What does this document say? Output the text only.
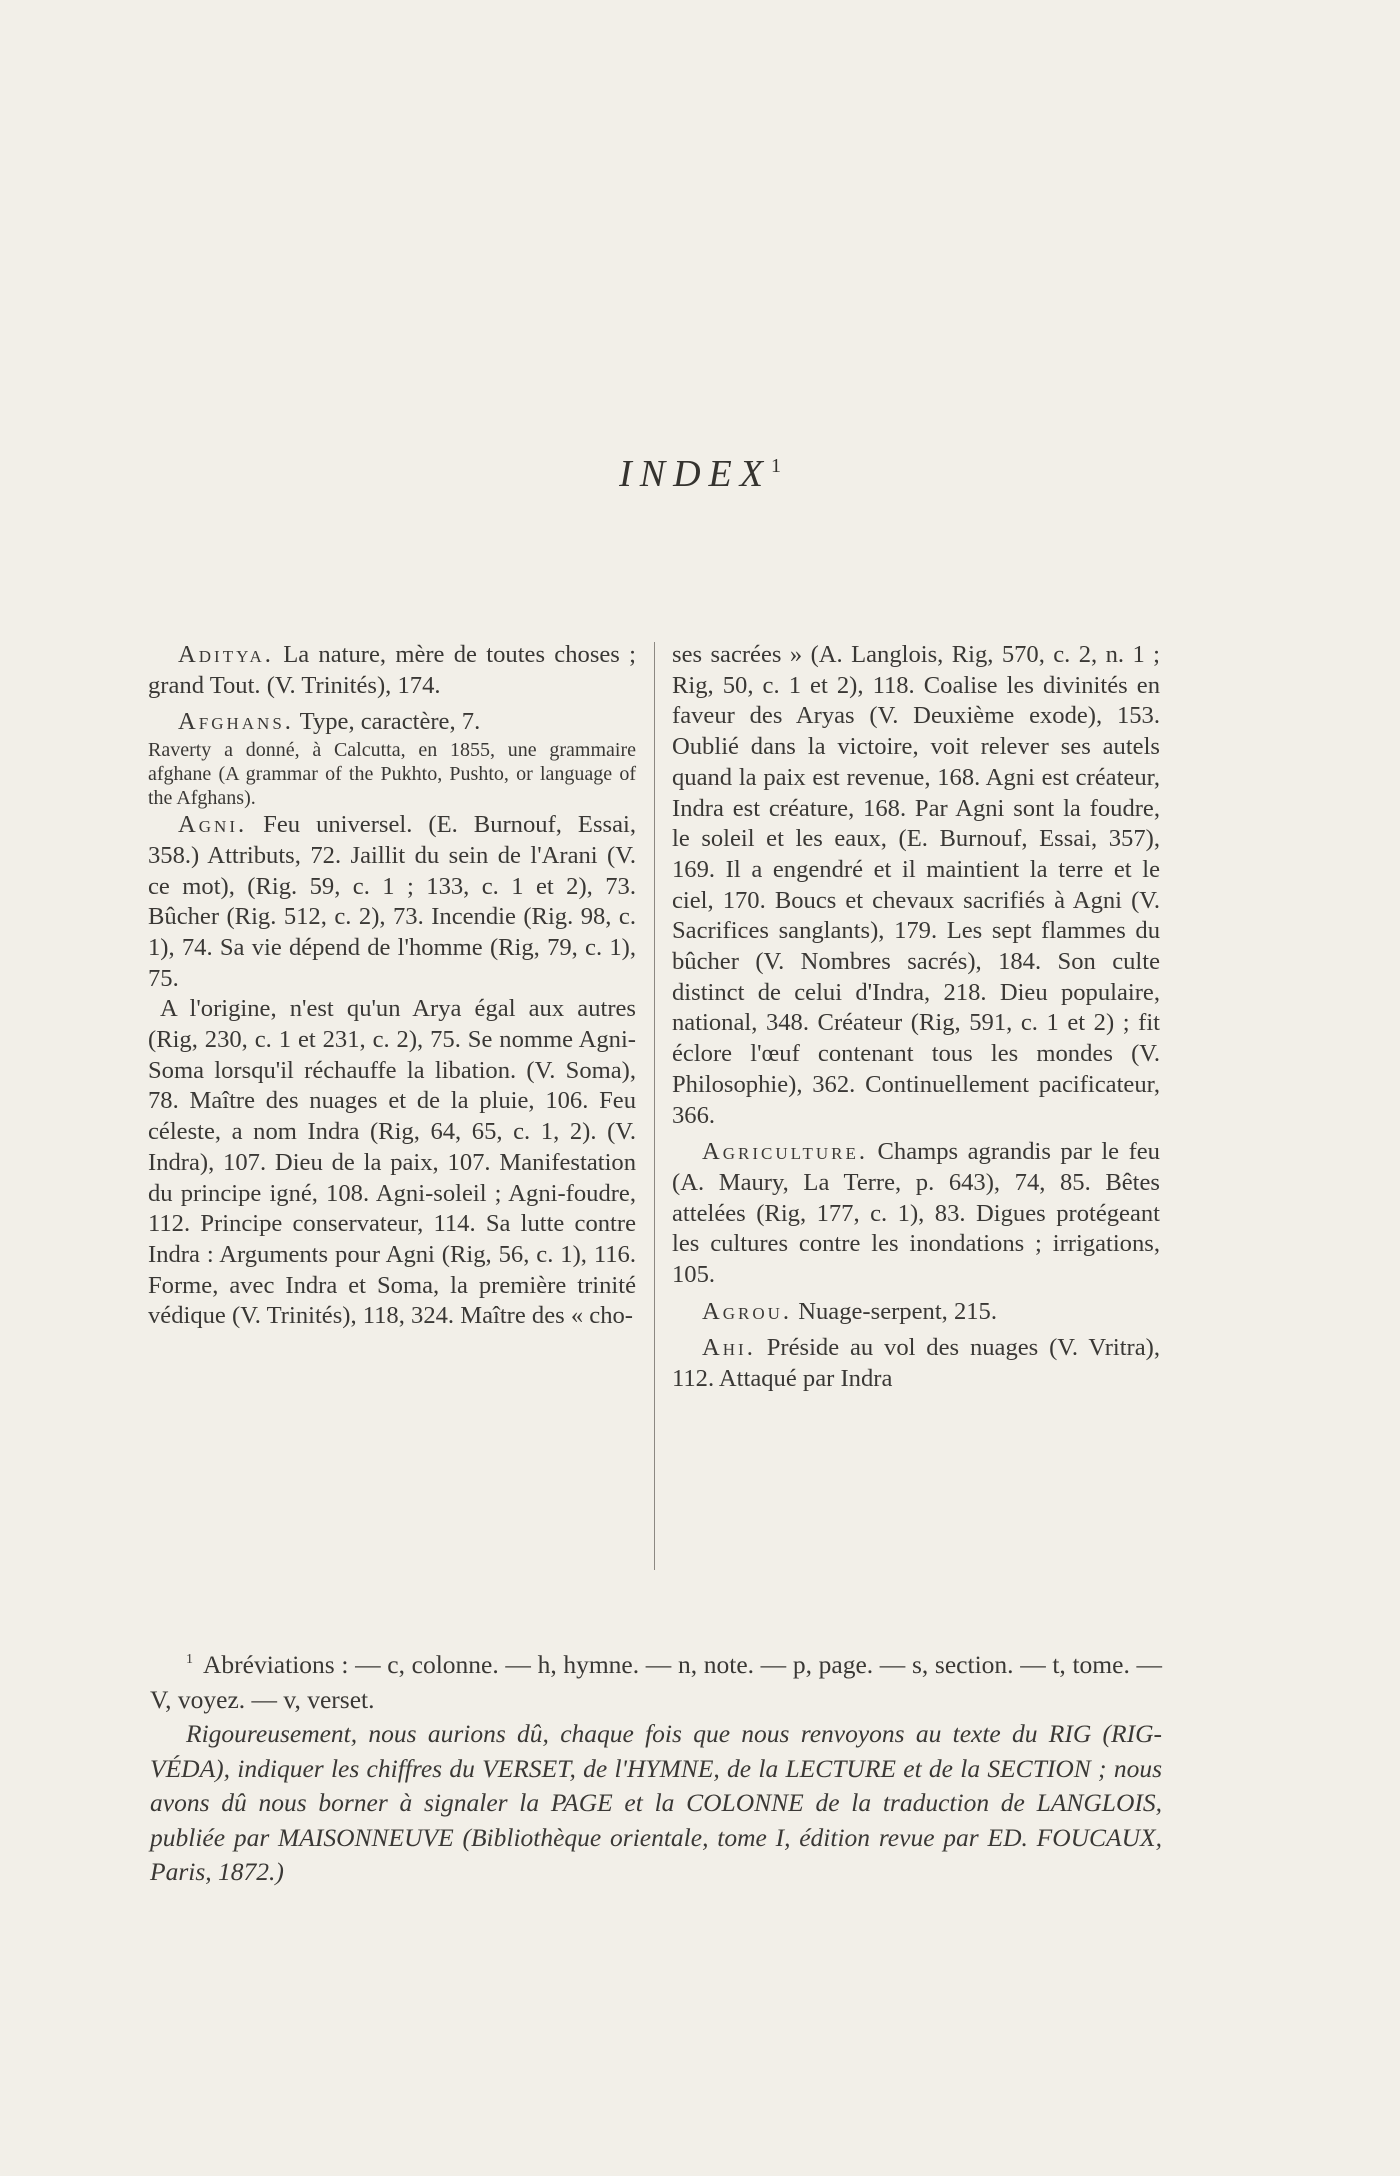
INDEX$^1$

Aditya. La nature, mère de toutes choses ; grand Tout. (V. Trinités), 174.

Afghans. Type, caractère, 7.

Raverty a donné, à Calcutta, en 1855, une grammaire afghane (A grammar of the Pukhto, Pushto, or language of the Afghans).

Agni. Feu universel. (E. Burnouf, Essai, 358.) Attributs, 72. Jaillit du sein de l'Arani (V. ce mot), (Rig. 59, c. 1 ; 133, c. 1 et 2), 73. Bûcher (Rig. 512, c. 2), 73. Incendie (Rig. 98, c. 1), 74. Sa vie dépend de l'homme (Rig, 79, c. 1), 75.

A l'origine, n'est qu'un Arya égal aux autres (Rig, 230, c. 1 et 231, c. 2), 75. Se nomme Agni-Soma lorsqu'il réchauffe la libation. (V. Soma), 78. Maître des nuages et de la pluie, 106. Feu céleste, a nom Indra (Rig, 64, 65, c. 1, 2). (V. Indra), 107. Dieu de la paix, 107. Manifestation du principe igné, 108. Agni-soleil ; Agni-foudre, 112. Principe conservateur, 114. Sa lutte contre Indra : Arguments pour Agni (Rig, 56, c. 1), 116. Forme, avec Indra et Soma, la première trinité védique (V. Trinités), 118, 324. Maître des « cho-

ses sacrées » (A. Langlois, Rig, 570, c. 2, n. 1 ; Rig, 50, c. 1 et 2), 118. Coalise les divinités en faveur des Aryas (V. Deuxième exode), 153. Oublié dans la victoire, voit relever ses autels quand la paix est revenue, 168. Agni est créateur, Indra est créature, 168. Par Agni sont la foudre, le soleil et les eaux, (E. Burnouf, Essai, 357), 169. Il a engendré et il maintient la terre et le ciel, 170. Boucs et chevaux sacrifiés à Agni (V. Sacrifices sanglants), 179. Les sept flammes du bûcher (V. Nombres sacrés), 184. Son culte distinct de celui d'Indra, 218. Dieu populaire, national, 348. Créateur (Rig, 591, c. 1 et 2) ; fit éclore l'œuf contenant tous les mondes (V. Philosophie), 362. Continuellement pacificateur, 366.

Agriculture. Champs agrandis par le feu (A. Maury, La Terre, p. 643), 74, 85. Bêtes attelées (Rig, 177, c. 1), 83. Digues protégeant les cultures contre les inondations ; irrigations, 105.

Agrou. Nuage-serpent, 215.

Ahi. Préside au vol des nuages (V. Vritra), 112. Attaqué par Indra

$^1$ Abréviations : — c, colonne. — h, hymne. — n, note. — p, page. — s, section. — t, tome. — V, voyez. — v, verset.

Rigoureusement, nous aurions dû, chaque fois que nous renvoyons au texte du RIG (RIG-VÉDA), indiquer les chiffres du VERSET, de l'HYMNE, de la LECTURE et de la SECTION ; nous avons dû nous borner à signaler la PAGE et la COLONNE de la traduction de LANGLOIS, publiée par MAISONNEUVE (Bibliothèque orientale, tome I, édition revue par ED. FOUCAUX, Paris, 1872.)
